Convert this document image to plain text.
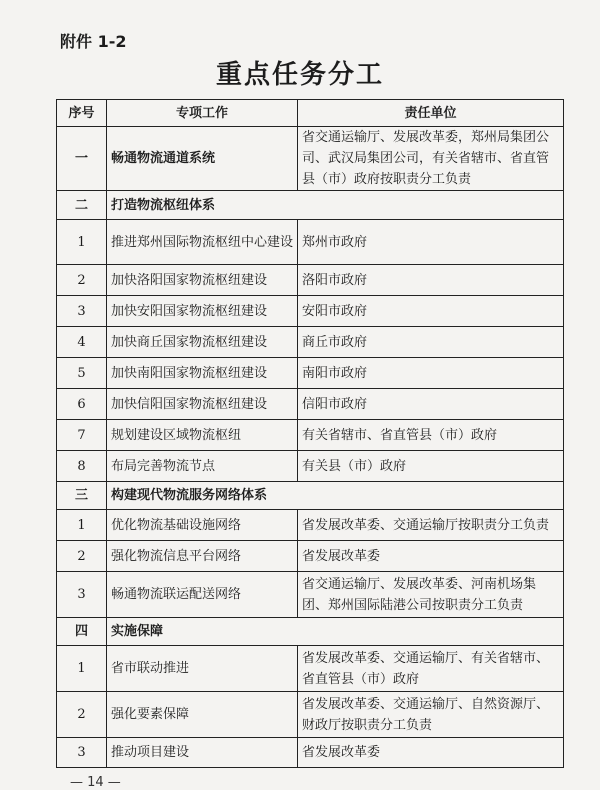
附件 1-2
重点任务分工
序号	专项工作	责任单位
一	畅通物流通道系统	省交通运输厅、发展改革委，郑州局集团公司、武汉局集团公司，有关省辖市、省直管县（市）政府按职责分工负责
二	打造物流枢纽体系	
1	推进郑州国际物流枢纽中心建设	郑州市政府
2	加快洛阳国家物流枢纽建设	洛阳市政府
3	加快安阳国家物流枢纽建设	安阳市政府
4	加快商丘国家物流枢纽建设	商丘市政府
5	加快南阳国家物流枢纽建设	南阳市政府
6	加快信阳国家物流枢纽建设	信阳市政府
7	规划建设区域物流枢纽	有关省辖市、省直管县（市）政府
8	布局完善物流节点	有关县（市）政府
三	构建现代物流服务网络体系	
1	优化物流基础设施网络	省发展改革委、交通运输厅按职责分工负责
2	强化物流信息平台网络	省发展改革委
3	畅通物流联运配送网络	省交通运输厅、发展改革委、河南机场集团、郑州国际陆港公司按职责分工负责
四	实施保障	
1	省市联动推进	省发展改革委、交通运输厅、有关省辖市、省直管县（市）政府
2	强化要素保障	省发展改革委、交通运输厅、自然资源厅、财政厅按职责分工负责
3	推动项目建设	省发展改革委
— 14 —
